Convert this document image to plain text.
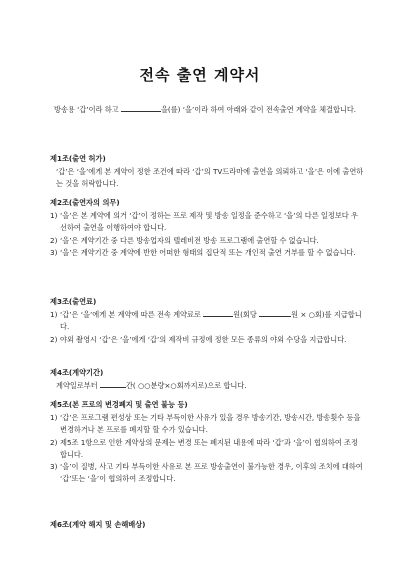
전속 출연 계약서
방송용 ‘갑’이라 하고	을(를) ‘을’이라 하여 아래와 같이 전속출연 계약을 체결합니다.
제1조(출연 허가)
‘갑’은 ‘을’에게 본 계약이 정한 조건에 따라 ‘갑’의 TV드라마에 출연을 의뢰하고 ‘을’은 이에 출연하는 것을 허락합니다.
제2조(출연자의 의무)
1) ‘을’은 본 계약에 의거 ‘갑’이 정하는 프로 제작 및 방송 일정을 준수하고 ‘을’의 다른 일정보다 우선하여 출연을 이행하여야 합니다.
2) ‘을’은 계약기간 중 다른 방송업자의 텔레비전 방송 프로그램에 출연할 수 없습니다.
3) ‘을’은 계약기간 중 계약에 반한 어떠한 형태의 집단적 또는 개인적 출연 거부를 할 수 없습니다.
제3조(출연료)
1) ‘갑’은 ‘을’에게 본 계약에 따른 전속 계약료로	원(회당	원 × ○회)를 지급합니다.
2) 야외 촬영시 ‘갑’은 ‘을’에게 ‘갑’의 제작비 규정에 정한 모든 종류의 야외 수당을 지급합니다.
제4조(계약기간)
계약일로부터	간( ○○분량×○회까지로)으로 합니다.
제5조(본 프로의 변경폐지 및 출연 불능 등)
1) ‘갑’은 프로그램 편성상 또는 기타 부득이한 사유가 있을 경우 방송기간, 방송시간, 방송횟수 등을 변경하거나 본 프로를 폐지할 할 수가 있습니다.
2) 제5조 1항으로 인한 계약상의 문제는 변경 또는 폐지된 내용에 따라 ‘갑’과 ‘을’이 협의하여 조정합니다.
3) ‘을’이 질병, 사고 기타 부득이한 사유로 본 프로 방송출연이 불가능한 경우, 이후의 조치에 대하여 ‘갑’또는 ‘을’이 협의하여 조정합니다.
제6조(계약 해지 및 손해배상)
